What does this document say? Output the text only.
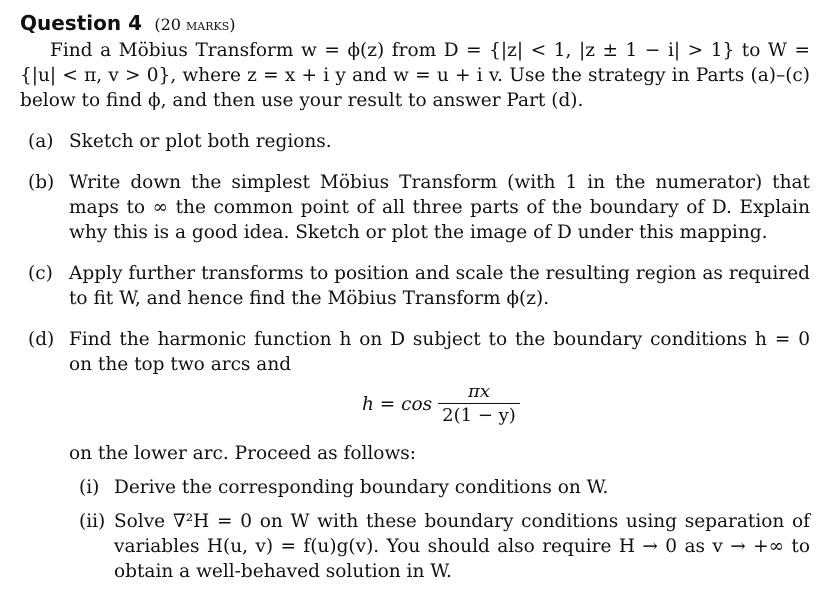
Question 4 (20 marks)

Find a Möbius Transform w = ϕ(z) from D = {|z| < 1, |z ± 1 − i| > 1} to W = {|u| < π, v > 0}, where z = x + i y and w = u + i v. Use the strategy in Parts (a)–(c) below to find ϕ, and then use your result to answer Part (d).

(a) Sketch or plot both regions.
(b) Write down the simplest Möbius Transform (with 1 in the numerator) that maps to ∞ the common point of all three parts of the boundary of D. Explain why this is a good idea. Sketch or plot the image of D under this mapping.
(c) Apply further transforms to position and scale the resulting region as required to fit W, and hence find the Möbius Transform ϕ(z).
(d) Find the harmonic function h on D subject to the boundary conditions h = 0 on the top two arcs and
$h = \cos \frac{\pi x}{2(1 - y)}$
on the lower arc. Proceed as follows:
(i) Derive the corresponding boundary conditions on W.
(ii) Solve ∇²H = 0 on W with these boundary conditions using separation of variables H(u, v) = f(u)g(v). You should also require H → 0 as v → +∞ to obtain a well-behaved solution in W.
